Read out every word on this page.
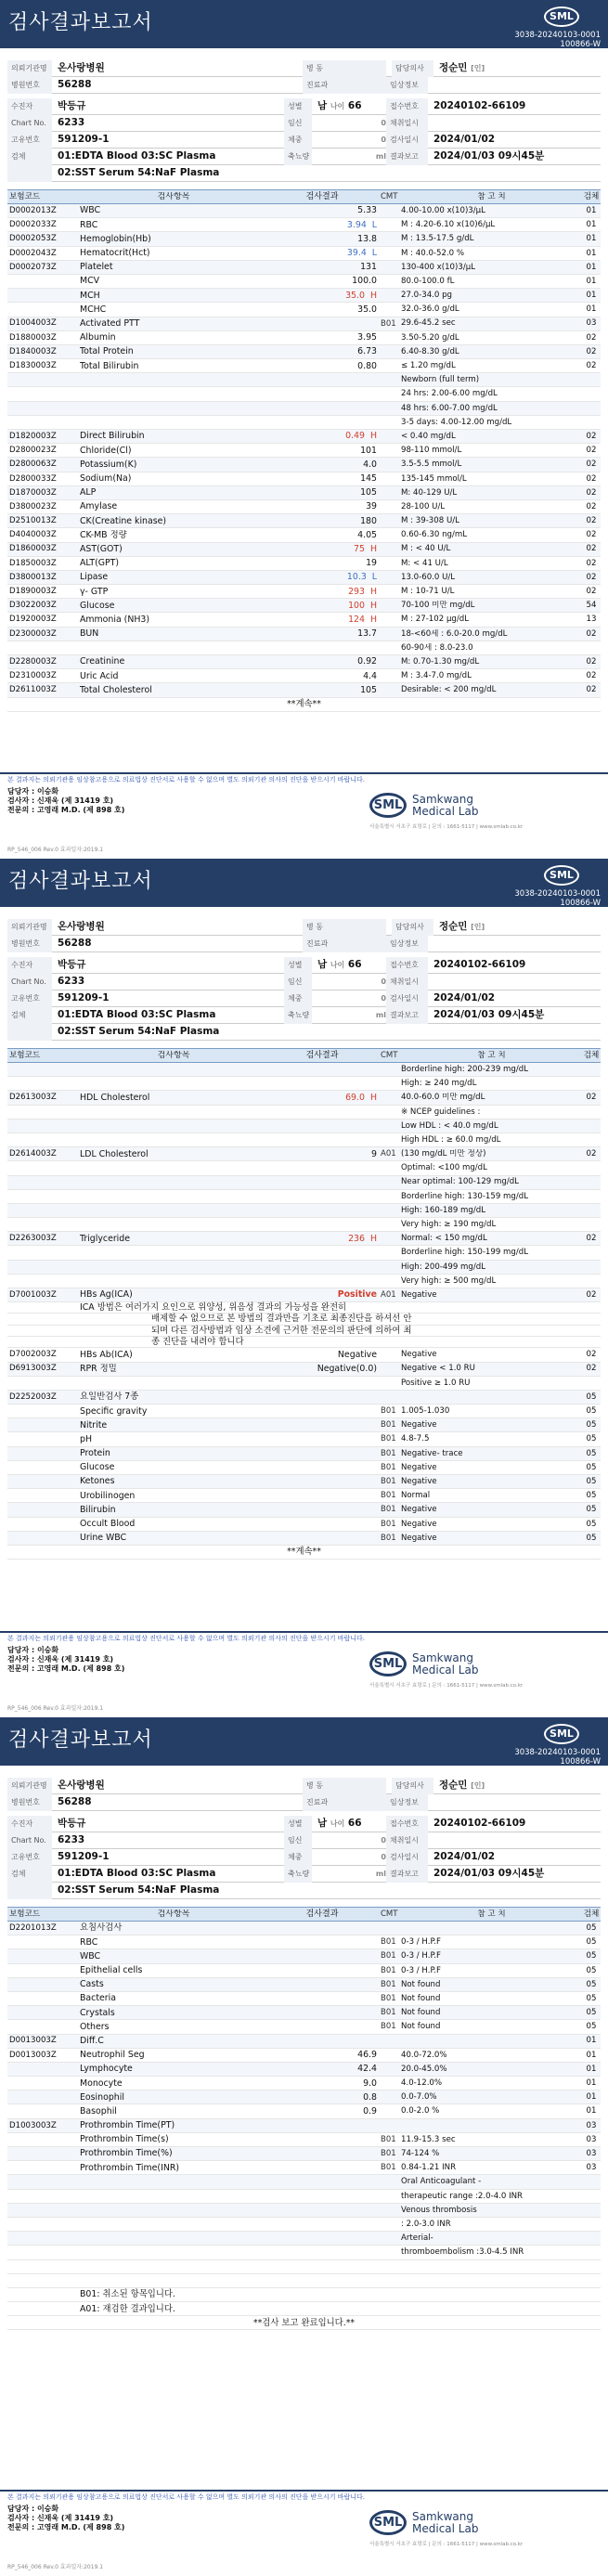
검사결과보고서	SML
3038-20240103-0001
100866-W
의뢰기관명	온사랑병원	병 동	담당의사	정순민 [인]
병원번호	56288	진료과	임상정보
수진자	박등규	성별	남 나이 66	접수번호	20240102-66109
Chart No.	6233	임신	0 채취일시
고유번호	591209-1	체중	0 검사일시	2024/01/02
검체	01:EDTA Blood 03:SC Plasma	축뇨량	ml 결과보고	2024/01/03 09시45분
02:SST Serum 54:NaF Plasma
보험코드	검사항목	검사결과	CMT	참 고 치	검체
D0002013Z	WBC	5.33	4.00-10.00 x(10)3/μL	01
D0002033Z	RBC	3.94 L	M : 4.20-6.10 x(10)6/μL	01
D0002053Z	Hemoglobin(Hb)	13.8	M : 13.5-17.5 g/dL	01
D0002043Z	Hematocrit(Hct)	39.4 L	M : 40.0-52.0 %	01
D0002073Z	Platelet	131	130-400 x(10)3/μL	01
MCV	100.0	80.0-100.0 fL	01
MCH	35.0 H	27.0-34.0 pg	01
MCHC	35.0	32.0-36.0 g/dL	01
D1004003Z	Activated PTT	B01 29.6-45.2 sec	03
D1880003Z	Albumin	3.95	3.50-5.20 g/dL	02
D1840003Z	Total Protein	6.73	6.40-8.30 g/dL	02
D1830003Z	Total Bilirubin	0.80	≤ 1.20 mg/dL	02
Newborn (full term)
24 hrs: 2.00-6.00 mg/dL
48 hrs: 6.00-7.00 mg/dL
3-5 days: 4.00-12.00 mg/dL
D1820003Z	Direct Bilirubin	0.49 H	< 0.40 mg/dL	02
D2800023Z	Chloride(Cl)	101	98-110 mmol/L	02
D2800063Z	Potassium(K)	4.0	3.5-5.5 mmol/L	02
D2800033Z	Sodium(Na)	145	135-145 mmol/L	02
D1870003Z	ALP	105	M: 40-129 U/L	02
D3800023Z	Amylase	39	28-100 U/L	02
D2510013Z	CK(Creatine kinase)	180	M : 39-308 U/L	02
D4040003Z	CK-MB 정량	4.05	0.60-6.30 ng/mL	02
D1860003Z	AST(GOT)	75 H	M : < 40 U/L	02
D1850003Z	ALT(GPT)	19	M: < 41 U/L	02
D3800013Z	Lipase	10.3 L	13.0-60.0 U/L	02
D1890003Z	γ- GTP	293 H	M : 10-71 U/L	02
D3022003Z	Glucose	100 H	70-100 미만 mg/dL	54
D1920003Z	Ammonia (NH3)	124 H	M : 27-102 μg/dL	13
D2300003Z	BUN	13.7	18-<60세 : 6.0-20.0 mg/dL	02
60-90세 : 8.0-23.0
D2280003Z	Creatinine	0.92	M: 0.70-1.30 mg/dL	02
D2310003Z	Uric Acid	4.4	M : 3.4-7.0 mg/dL	02
D2611003Z	Total Cholesterol	105	Desirable: < 200 mg/dL	02
**계속**
본 결과지는 의뢰기관용 임상참고용으로 의료법상 진단서로 사용할 수 없으며 별도 의뢰기관 의사의 진단을 받으시기 바랍니다.
담당자 : 이승화
검사자 : 신재욱 (제 31419 호)
전문의 : 고영래 M.D. (제 898 호)	SML Samkwang
Medical Lab
서울특별시 서초구 효령로 | 문의 : 1661-5117 | www.smlab.co.kr
RP_546_006 Rev.0 효과일자:2019.1
검사결과보고서	SML
3038-20240103-0001
100866-W
의뢰기관명	온사랑병원	병 동	담당의사	정순민 [인]
병원번호	56288	진료과	임상정보
수진자	박등규	성별	남 나이 66	접수번호	20240102-66109
Chart No.	6233	임신	0 채취일시
고유번호	591209-1	체중	0 검사일시	2024/01/02
검체	01:EDTA Blood 03:SC Plasma	축뇨량	ml 결과보고	2024/01/03 09시45분
02:SST Serum 54:NaF Plasma
보험코드	검사항목	검사결과	CMT	참 고 치	검체
Borderline high: 200-239 mg/dL
High: ≥ 240 mg/dL
D2613003Z	HDL Cholesterol	69.0 H	40.0-60.0 미만 mg/dL	02
※ NCEP guidelines :
Low HDL : < 40.0 mg/dL
High HDL : ≥ 60.0 mg/dL
D2614003Z	LDL Cholesterol	9 A01 (130 mg/dL 미만 정상)	02
Optimal: <100 mg/dL
Near optimal: 100-129 mg/dL
Borderline high: 130-159 mg/dL
High: 160-189 mg/dL
Very high: ≥ 190 mg/dL
D2263003Z	Triglyceride	236 H	Normal: < 150 mg/dL	02
Borderline high: 150-199 mg/dL
High: 200-499 mg/dL
Very high: ≥ 500 mg/dL
D7001003Z	HBs Ag(ICA)	Positive A01 Negative	02
ICA 방법은 여러가지 요인으로 위양성, 위음성 결과의 가능성을 완전히
배제할 수 없으므로 본 방법의 결과만을 기초로 최종진단을 하셔선 안
되며 다른 검사방법과 임상 소견에 근거한 전문의의 판단에 의하여 최
종 진단을 내려야 합니다
D7002003Z	HBs Ab(ICA)	Negative	Negative	02
D6913003Z	RPR 정밀	Negative(0.0)	Negative < 1.0 RU	02
Positive ≥ 1.0 RU
D2252003Z	요일반검사 7종	05
Specific gravity	B01 1.005-1.030	05
Nitrite	B01 Negative	05
pH	B01 4.8-7.5	05
Protein	B01 Negative- trace	05
Glucose	B01 Negative	05
Ketones	B01 Negative	05
Urobilinogen	B01 Normal	05
Bilirubin	B01 Negative	05
Occult Blood	B01 Negative	05
Urine WBC	B01 Negative	05
**계속**
본 결과지는 의뢰기관용 임상참고용으로 의료법상 진단서로 사용할 수 없으며 별도 의뢰기관 의사의 진단을 받으시기 바랍니다.
담당자 : 이승화
검사자 : 신재욱 (제 31419 호)
전문의 : 고영래 M.D. (제 898 호)	SML Samkwang
Medical Lab
서울특별시 서초구 효령로 | 문의 : 1661-5117 | www.smlab.co.kr
RP_546_006 Rev.0 효과일자:2019.1
검사결과보고서	SML
3038-20240103-0001
100866-W
의뢰기관명	온사랑병원	병 동	담당의사	정순민 [인]
병원번호	56288	진료과	임상정보
수진자	박등규	성별	남 나이 66	접수번호	20240102-66109
Chart No.	6233	임신	0 채취일시
고유번호	591209-1	체중	0 검사일시	2024/01/02
검체	01:EDTA Blood 03:SC Plasma	축뇨량	ml 결과보고	2024/01/03 09시45분
02:SST Serum 54:NaF Plasma
보험코드	검사항목	검사결과	CMT	참 고 치	검체
D2201013Z	요침사검사	05
RBC	B01 0-3 / H.P.F	05
WBC	B01 0-3 / H.P.F	05
Epithelial cells	B01 0-3 / H.P.F	05
Casts	B01 Not found	05
Bacteria	B01 Not found	05
Crystals	B01 Not found	05
Others	B01 Not found	05
D0013003Z	Diff.C	01
D0013003Z	Neutrophil Seg	46.9	40.0-72.0%	01
Lymphocyte	42.4	20.0-45.0%	01
Monocyte	9.0	4.0-12.0%	01
Eosinophil	0.8	0.0-7.0%	01
Basophil	0.9	0.0-2.0 %	01
D1003003Z	Prothrombin Time(PT)	03
Prothrombin Time(s)	B01 11.9-15.3 sec	03
Prothrombin Time(%)	B01 74-124 %	03
Prothrombin Time(INR)	B01 0.84-1.21 INR	03
Oral Anticoagulant -
therapeutic range :2.0-4.0 INR
Venous thrombosis
: 2.0-3.0 INR
Arterial-
thromboembolism :3.0-4.5 INR
B01: 취소된 항목입니다.
A01: 재검한 결과입니다.
**검사 보고 완료입니다.**
본 결과지는 의뢰기관용 임상참고용으로 의료법상 진단서로 사용할 수 없으며 별도 의뢰기관 의사의 진단을 받으시기 바랍니다.
담당자 : 이승화
검사자 : 신재욱 (제 31419 호)
전문의 : 고영래 M.D. (제 898 호)	SML Samkwang
Medical Lab
서울특별시 서초구 효령로 | 문의 : 1661-5117 | www.smlab.co.kr
RP_546_006 Rev.0 효과일자:2019.1
